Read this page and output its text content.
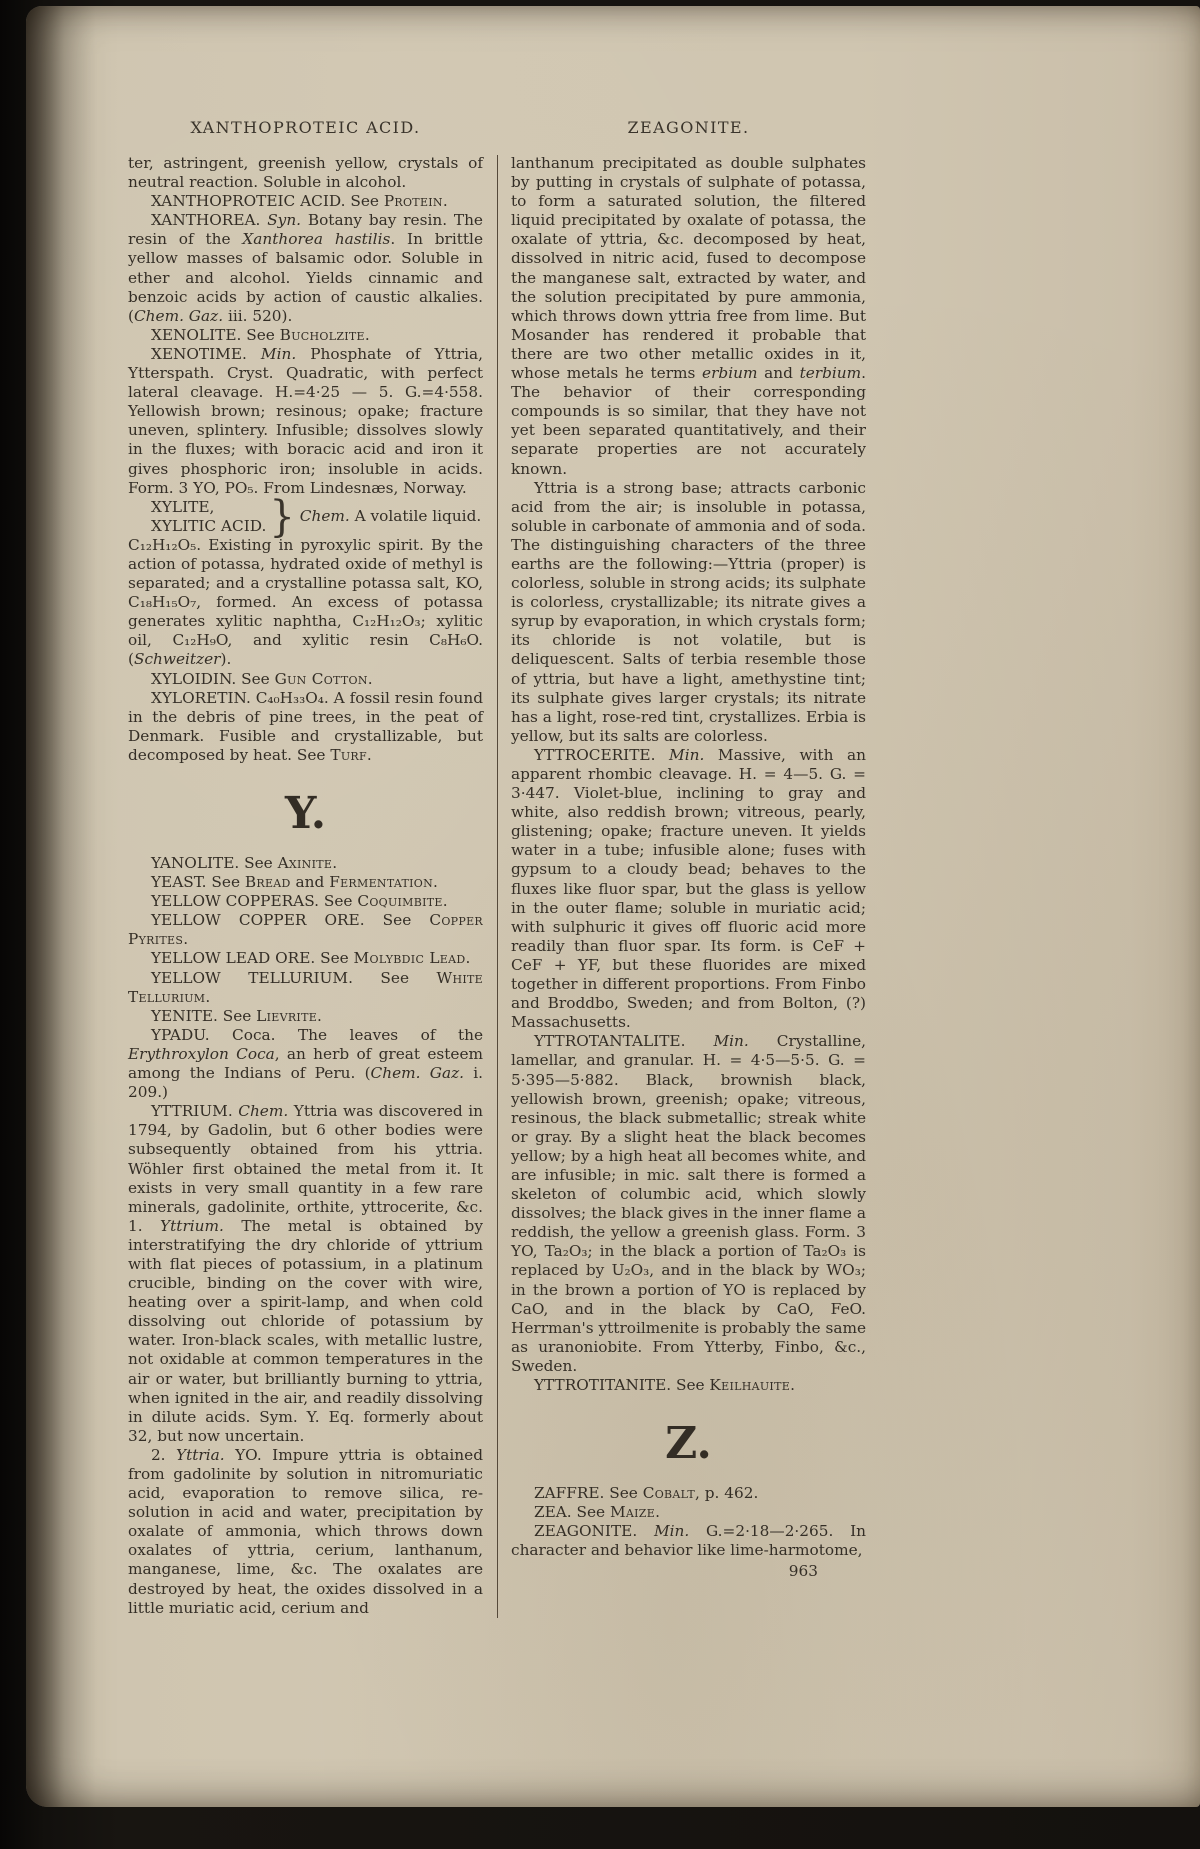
XANTHOPROTEIC ACID.	ZEAGONITE.

ter, astringent, greenish yellow, crystals of neutral reaction. Soluble in alcohol.

XANTHOPROTEIC ACID. See Protein.

XANTHOREA. Syn. Botany bay resin. The resin of the Xanthorea hastilis. In brittle yellow masses of balsamic odor. Soluble in ether and alcohol. Yields cinnamic and benzoic acids by action of caustic alkalies. (Chem. Gaz. iii. 520).

XENOLITE. See Bucholzite.

XENOTIME. Min. Phosphate of Yttria, Ytterspath. Cryst. Quadratic, with perfect lateral cleavage. H.=4·25 — 5. G.=4·558. Yellowish brown; resinous; opake; fracture uneven, splintery. Infusible; dissolves slowly in the fluxes; with boracic acid and iron it gives phosphoric iron; insoluble in acids. Form. 3 YO, PO₅. From Lindesnæs, Norway.

XYLITE,
XYLITIC ACID. } Chem. A volatile liquid.

C₁₂H₁₂O₅. Existing in pyroxylic spirit. By the action of potassa, hydrated oxide of methyl is separated; and a crystalline potassa salt, KO, C₁₈H₁₅O₇, formed. An excess of potassa generates xylitic naphtha, C₁₂H₁₂O₃; xylitic oil, C₁₂H₉O, and xylitic resin C₈H₆O. (Schweitzer).

XYLOIDIN. See Gun Cotton.

XYLORETIN. C₄₀H₃₃O₄. A fossil resin found in the debris of pine trees, in the peat of Denmark. Fusible and crystallizable, but decomposed by heat. See Turf.

Y.

YANOLITE. See Axinite.

YEAST. See Bread and Fermentation.

YELLOW COPPERAS. See Coquimbite.

YELLOW COPPER ORE. See Copper Pyrites.

YELLOW LEAD ORE. See Molybdic Lead.

YELLOW TELLURIUM. See White Tellurium.

YENITE. See Lievrite.

YPADU. Coca. The leaves of the Erythroxylon Coca, an herb of great esteem among the Indians of Peru. (Chem. Gaz. i. 209.)

YTTRIUM. Chem. Yttria was discovered in 1794, by Gadolin, but 6 other bodies were subsequently obtained from his yttria. Wöhler first obtained the metal from it. It exists in very small quantity in a few rare minerals, gadolinite, orthite, yttrocerite, &c. 1. Yttrium. The metal is obtained by interstratifying the dry chloride of yttrium with flat pieces of potassium, in a platinum crucible, binding on the cover with wire, heating over a spirit-lamp, and when cold dissolving out chloride of potassium by water. Iron-black scales, with metallic lustre, not oxidable at common temperatures in the air or water, but brilliantly burning to yttria, when ignited in the air, and readily dissolving in dilute acids. Sym. Y. Eq. formerly about 32, but now uncertain.

2. Yttria. YO. Impure yttria is obtained from gadolinite by solution in nitromuriatic acid, evaporation to remove silica, re-solution in acid and water, precipitation by oxalate of ammonia, which throws down oxalates of yttria, cerium, lanthanum, manganese, lime, &c. The oxalates are destroyed by heat, the oxides dissolved in a little muriatic acid, cerium and

lanthanum precipitated as double sulphates by putting in crystals of sulphate of potassa, to form a saturated solution, the filtered liquid precipitated by oxalate of potassa, the oxalate of yttria, &c. decomposed by heat, dissolved in nitric acid, fused to decompose the manganese salt, extracted by water, and the solution precipitated by pure ammonia, which throws down yttria free from lime. But Mosander has rendered it probable that there are two other metallic oxides in it, whose metals he terms erbium and terbium. The behavior of their corresponding compounds is so similar, that they have not yet been separated quantitatively, and their separate properties are not accurately known.

Yttria is a strong base; attracts carbonic acid from the air; is insoluble in potassa, soluble in carbonate of ammonia and of soda. The distinguishing characters of the three earths are the following:—Yttria (proper) is colorless, soluble in strong acids; its sulphate is colorless, crystallizable; its nitrate gives a syrup by evaporation, in which crystals form; its chloride is not volatile, but is deliquescent. Salts of terbia resemble those of yttria, but have a light, amethystine tint; its sulphate gives larger crystals; its nitrate has a light, rose-red tint, crystallizes. Erbia is yellow, but its salts are colorless.

YTTROCERITE. Min. Massive, with an apparent rhombic cleavage. H. = 4—5. G. = 3·447. Violet-blue, inclining to gray and white, also reddish brown; vitreous, pearly, glistening; opake; fracture uneven. It yields water in a tube; infusible alone; fuses with gypsum to a cloudy bead; behaves to the fluxes like fluor spar, but the glass is yellow in the outer flame; soluble in muriatic acid; with sulphuric it gives off fluoric acid more readily than fluor spar. Its form. is CeF + CeF + YF, but these fluorides are mixed together in different proportions. From Finbo and Broddbo, Sweden; and from Bolton, (?) Massachusetts.

YTTROTANTALITE. Min. Crystalline, lamellar, and granular. H. = 4·5—5·5. G. = 5·395—5·882. Black, brownish black, yellowish brown, greenish; opake; vitreous, resinous, the black submetallic; streak white or gray. By a slight heat the black becomes yellow; by a high heat all becomes white, and are infusible; in mic. salt there is formed a skeleton of columbic acid, which slowly dissolves; the black gives in the inner flame a reddish, the yellow a greenish glass. Form. 3 YO, Ta₂O₃; in the black a portion of Ta₂O₃ is replaced by U₂O₃, and in the black by WO₃; in the brown a portion of YO is replaced by CaO, and in the black by CaO, FeO. Herrman's yttroilmenite is probably the same as uranoniobite. From Ytterby, Finbo, &c., Sweden.

YTTROTITANITE. See Keilhauite.

Z.

ZAFFRE. See Cobalt, p. 462.

ZEA. See Maize.

ZEAGONITE. Min. G.=2·18—2·265. In character and behavior like lime-harmotome,

963
